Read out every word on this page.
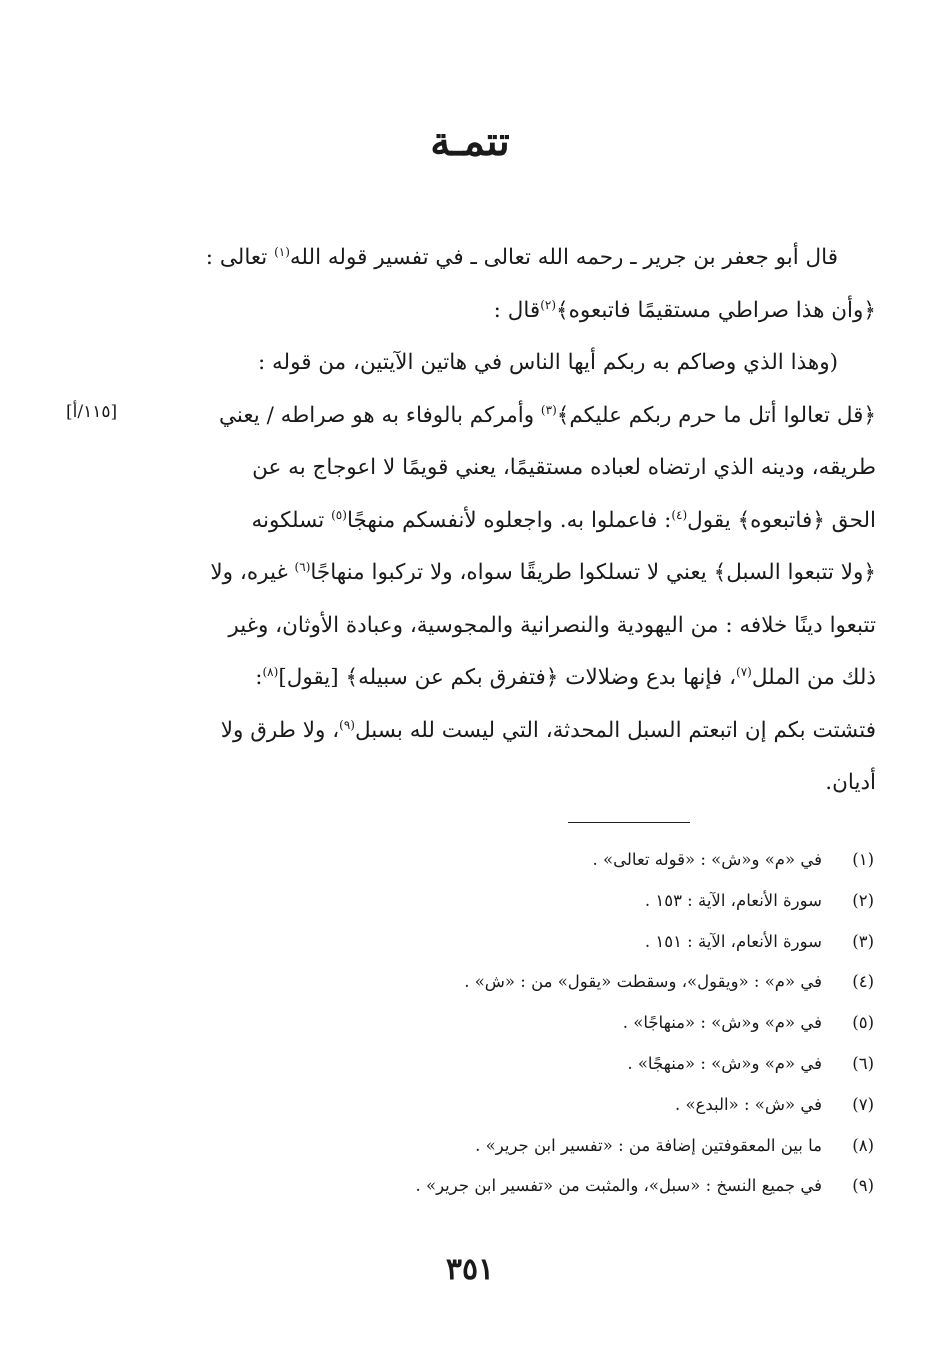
تتمـة
[١١٥/أ]
قال أبو جعفر بن جرير ـ رحمه الله تعالى ـ في تفسير قوله الله$^{(١)}$ تعالى :
﴿وأن هذا صراطي مستقيمًا فاتبعوه﴾$^{(٢)}$قال :
(وهذا الذي وصاكم به ربكم أيها الناس في هاتين الآيتين، من قوله :
﴿قل تعالوا أتل ما حرم ربكم عليكم﴾$^{(٣)}$ وأمركم بالوفاء به هو صراطه / يعني
طريقه، ودينه الذي ارتضاه لعباده مستقيمًا، يعني قويمًا لا اعوجاج به عن
الحق ﴿فاتبعوه﴾ يقول$^{(٤)}$: فاعملوا به. واجعلوه لأنفسكم منهجًا$^{(٥)}$ تسلكونه
﴿ولا تتبعوا السبل﴾ يعني لا تسلكوا طريقًا سواه، ولا تركبوا منهاجًا$^{(٦)}$ غيره، ولا
تتبعوا دينًا خلافه : من اليهودية والنصرانية والمجوسية، وعبادة الأوثان، وغير
ذلك من الملل$^{(٧)}$، فإنها بدع وضلالات ﴿فتفرق بكم عن سبيله﴾ [يقول]$^{(٨)}$:
فتشتت بكم إن اتبعتم السبل المحدثة، التي ليست لله بسبل$^{(٩)}$، ولا طرق ولا
أديان.
(١)
في «م» و«ش» : «قوله تعالى» .
(٢)
سورة الأنعام، الآية : ١٥٣ .
(٣)
سورة الأنعام، الآية : ١٥١ .
(٤)
في «م» : «ويقول»، وسقطت «يقول» من : «ش» .
(٥)
في «م» و«ش» : «منهاجًا» .
(٦)
في «م» و«ش» : «منهجًا» .
(٧)
في «ش» : «البدع» .
(٨)
ما بين المعقوفتين إضافة من : «تفسير ابن جرير» .
(٩)
في جميع النسخ : «سبل»، والمثبت من «تفسير ابن جرير» .
٣٥١
